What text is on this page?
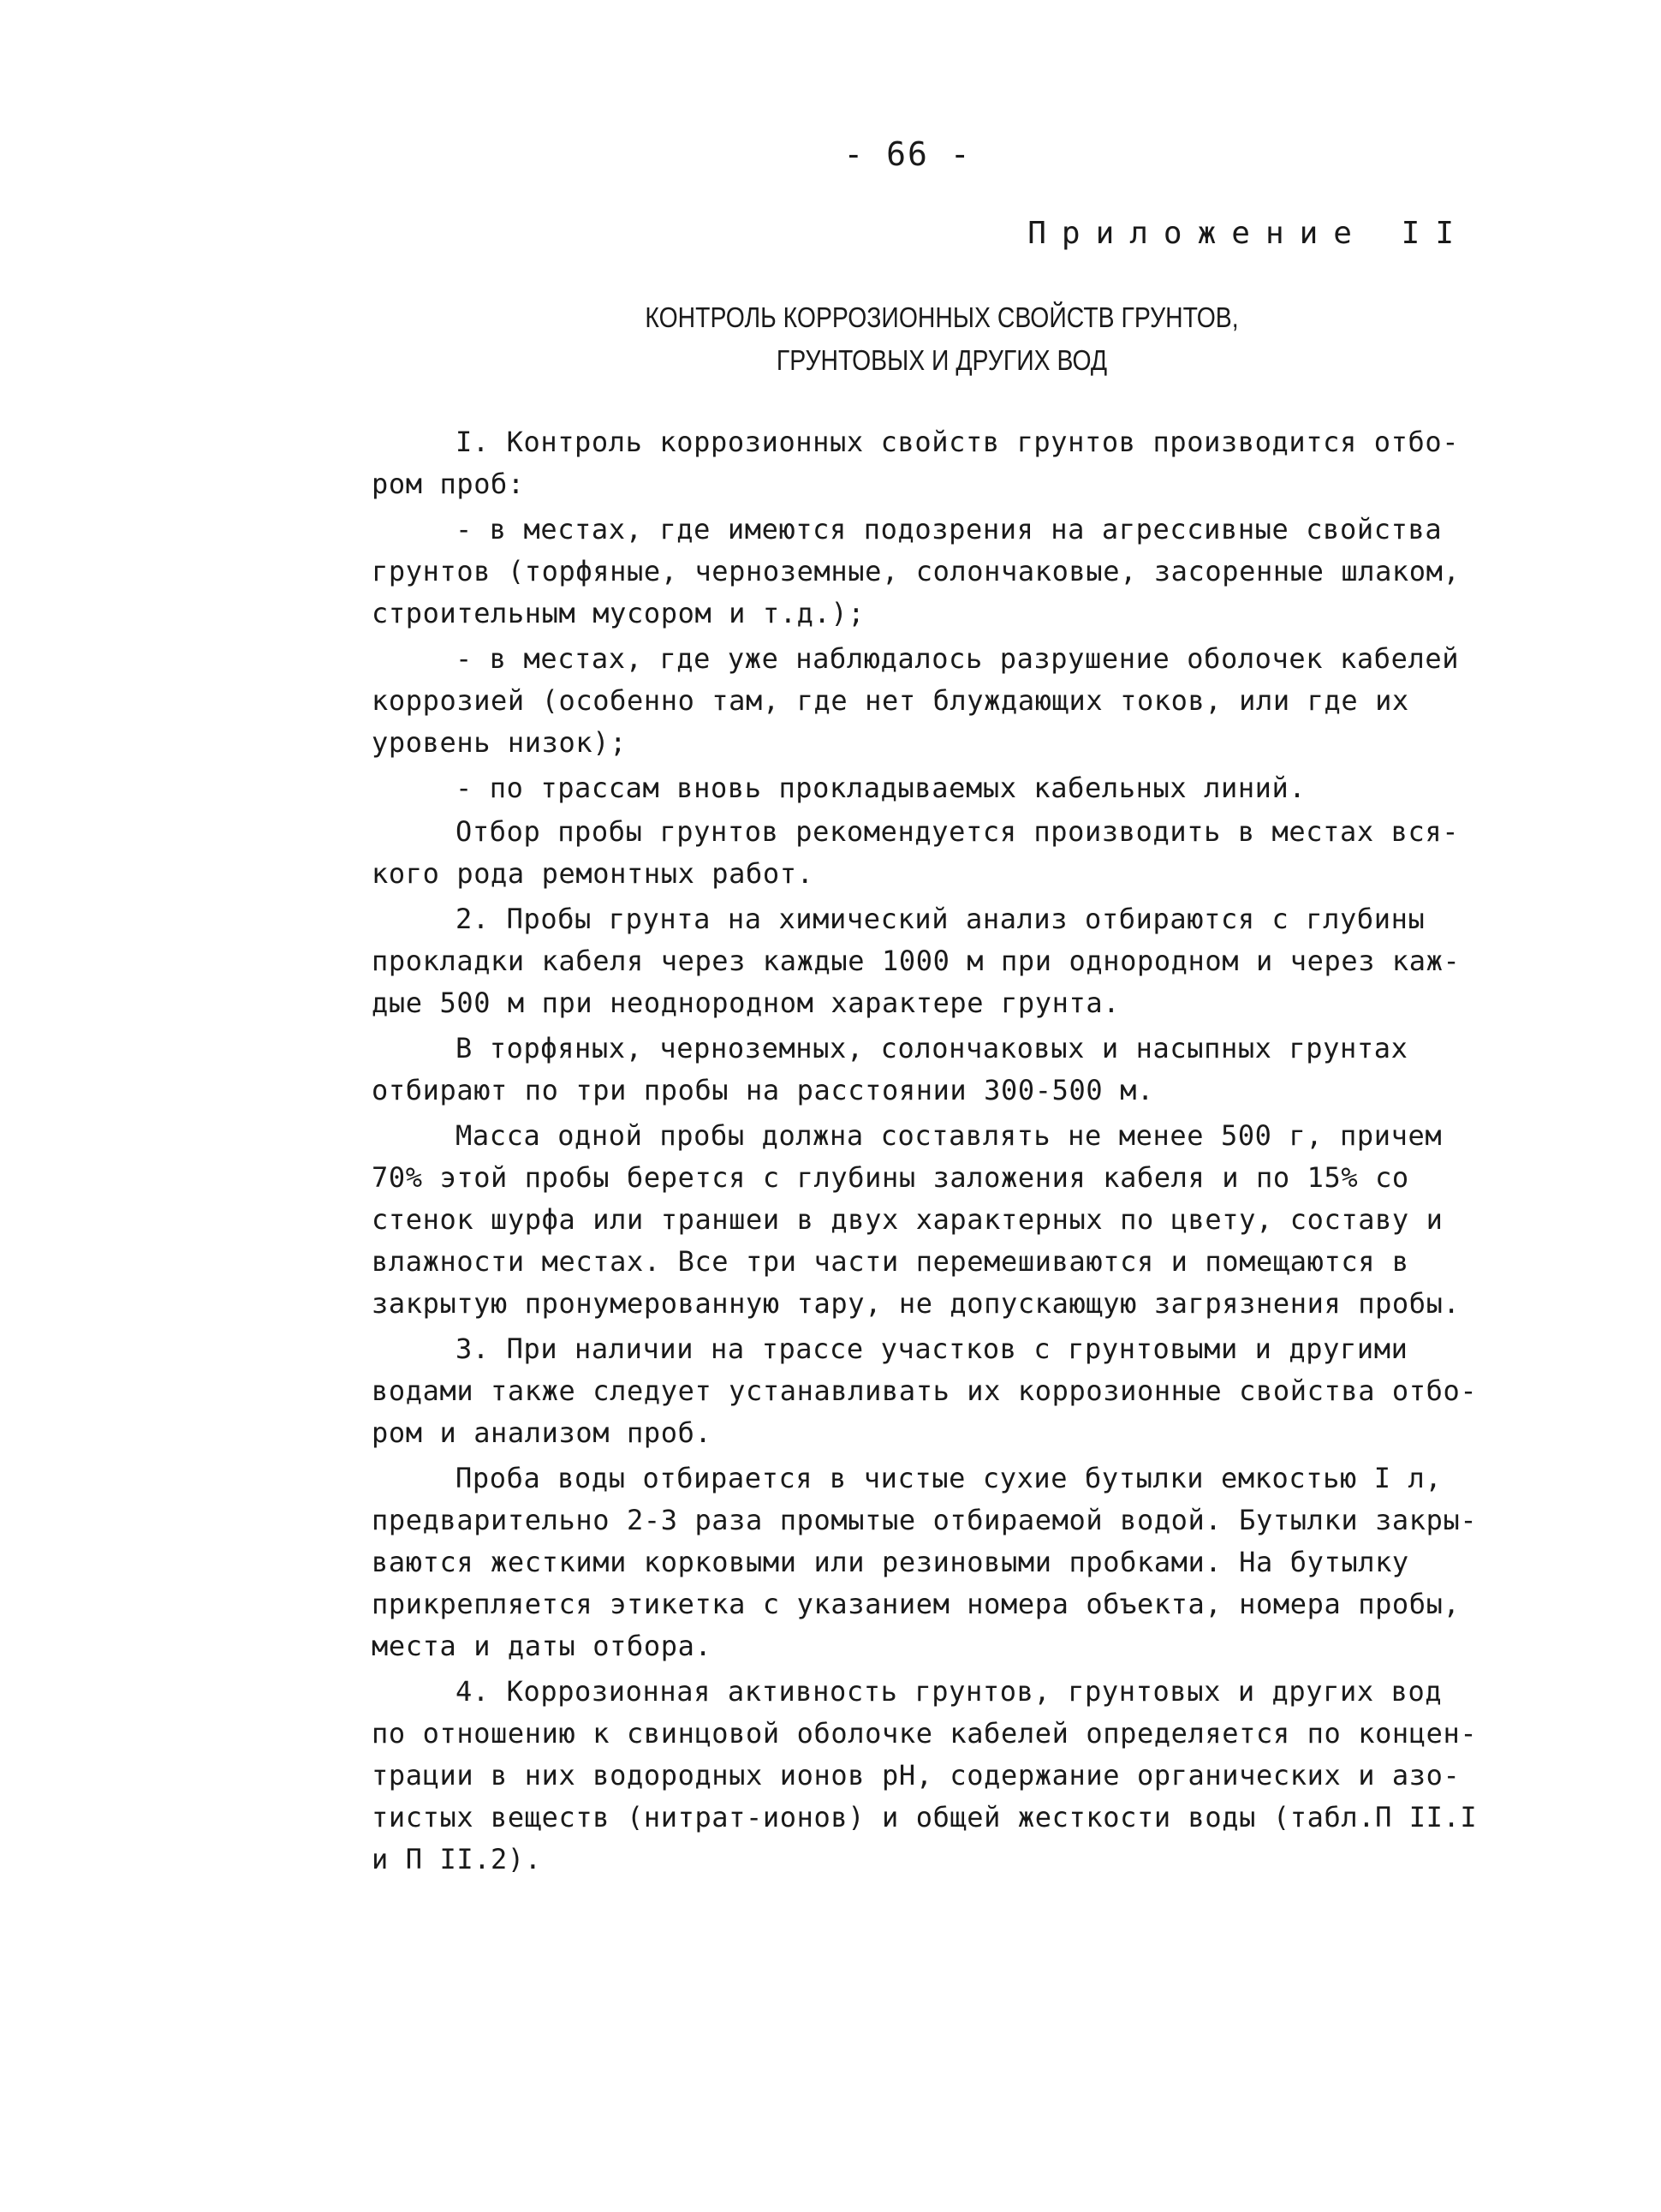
- 66 -
Приложение II
КОНТРОЛЬ КОРРОЗИОННЫХ СВОЙСТВ ГРУНТОВ,
ГРУНТОВЫХ И ДРУГИХ ВОД
I. Контроль коррозионных свойств грунтов производится отбо-
ром проб:
- в местах, где имеются подозрения на агрессивные свойства
грунтов (торфяные, черноземные, солончаковые, засоренные шлаком,
строительным мусором и т.д.);
- в местах, где уже наблюдалось разрушение оболочек кабелей
коррозией (особенно там, где нет блуждающих токов, или где их
уровень низок);
- по трассам вновь прокладываемых кабельных линий.
Отбор пробы грунтов рекомендуется производить в местах вся-
кого рода ремонтных работ.
2. Пробы грунта на химический анализ отбираются с глубины
прокладки кабеля через каждые 1000 м при однородном и через каж-
дые 500 м при неоднородном характере грунта.
В торфяных, черноземных, солончаковых и насыпных грунтах
отбирают по три пробы на расстоянии 300-500 м.
Масса одной пробы должна составлять не менее 500 г, причем
70% этой пробы берется с глубины заложения кабеля и по 15% со
стенок шурфа или траншеи в двух характерных по цвету, составу и
влажности местах. Все три части перемешиваются и помещаются в
закрытую пронумерованную тару, не допускающую загрязнения пробы.
3. При наличии на трассе участков с грунтовыми и другими
водами также следует устанавливать их коррозионные свойства отбо-
ром и анализом проб.
Проба воды отбирается в чистые сухие бутылки емкостью I л,
предварительно 2-3 раза промытые отбираемой водой. Бутылки закры-
ваются жесткими корковыми или резиновыми пробками. На бутылку
прикрепляется этикетка с указанием номера объекта, номера пробы,
места и даты отбора.
4. Коррозионная активность грунтов, грунтовых и других вод
по отношению к свинцовой оболочке кабелей определяется по концен-
трации в них водородных ионов pH, содержание органических и азо-
тистых веществ (нитрат-ионов) и общей жесткости воды (табл.П II.I
и П II.2).
